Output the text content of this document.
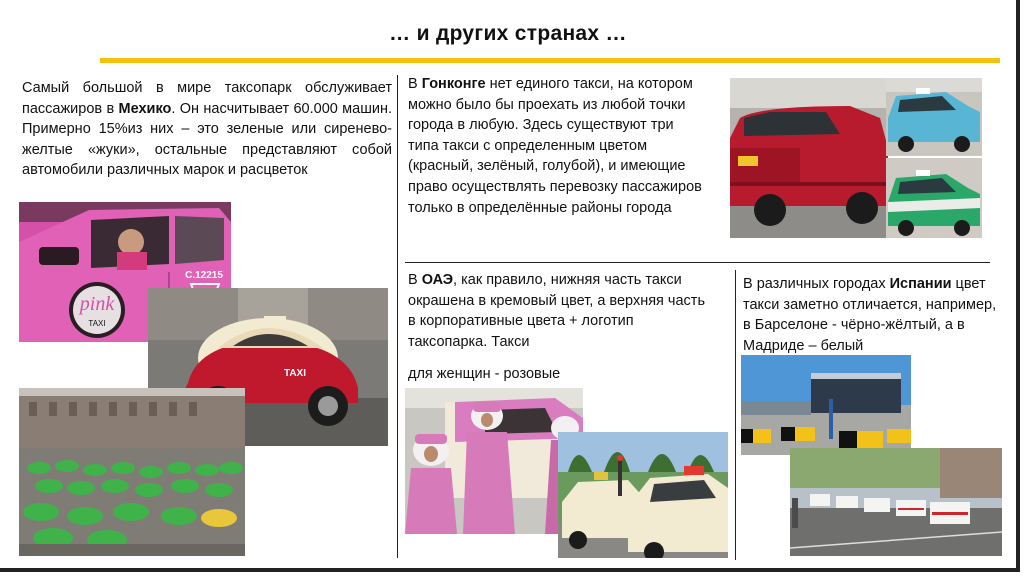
… и других странах …
Самый большой в мире таксопарк обслуживает пассажиров в Мехико. Он насчитывает 60.000 машин. Примерно 15%из них – это зеленые или сиренево-желтые «жуки», остальные представляют собой автомобили различных марок и расцветок
В Гонконге нет единого такси, на котором можно было бы проехать из любой точки города в любую. Здесь существуют три типа такси с определенным цветом (красный, зелёный, голубой), и имеющие право осуществлять перевозку пассажиров только в определённые районы города
В ОАЭ, как правило, нижняя часть такси окрашена в кремовый цвет, а верхняя часть в корпоративные цвета + логотип таксопарка. Такси
для женщин - розовые
В различных городах Испании цвет такси заметно отличается, например, в Барселоне - чёрно-жёлтый, а в Мадриде – белый
pink
TAXI
C.12215
TAXI
